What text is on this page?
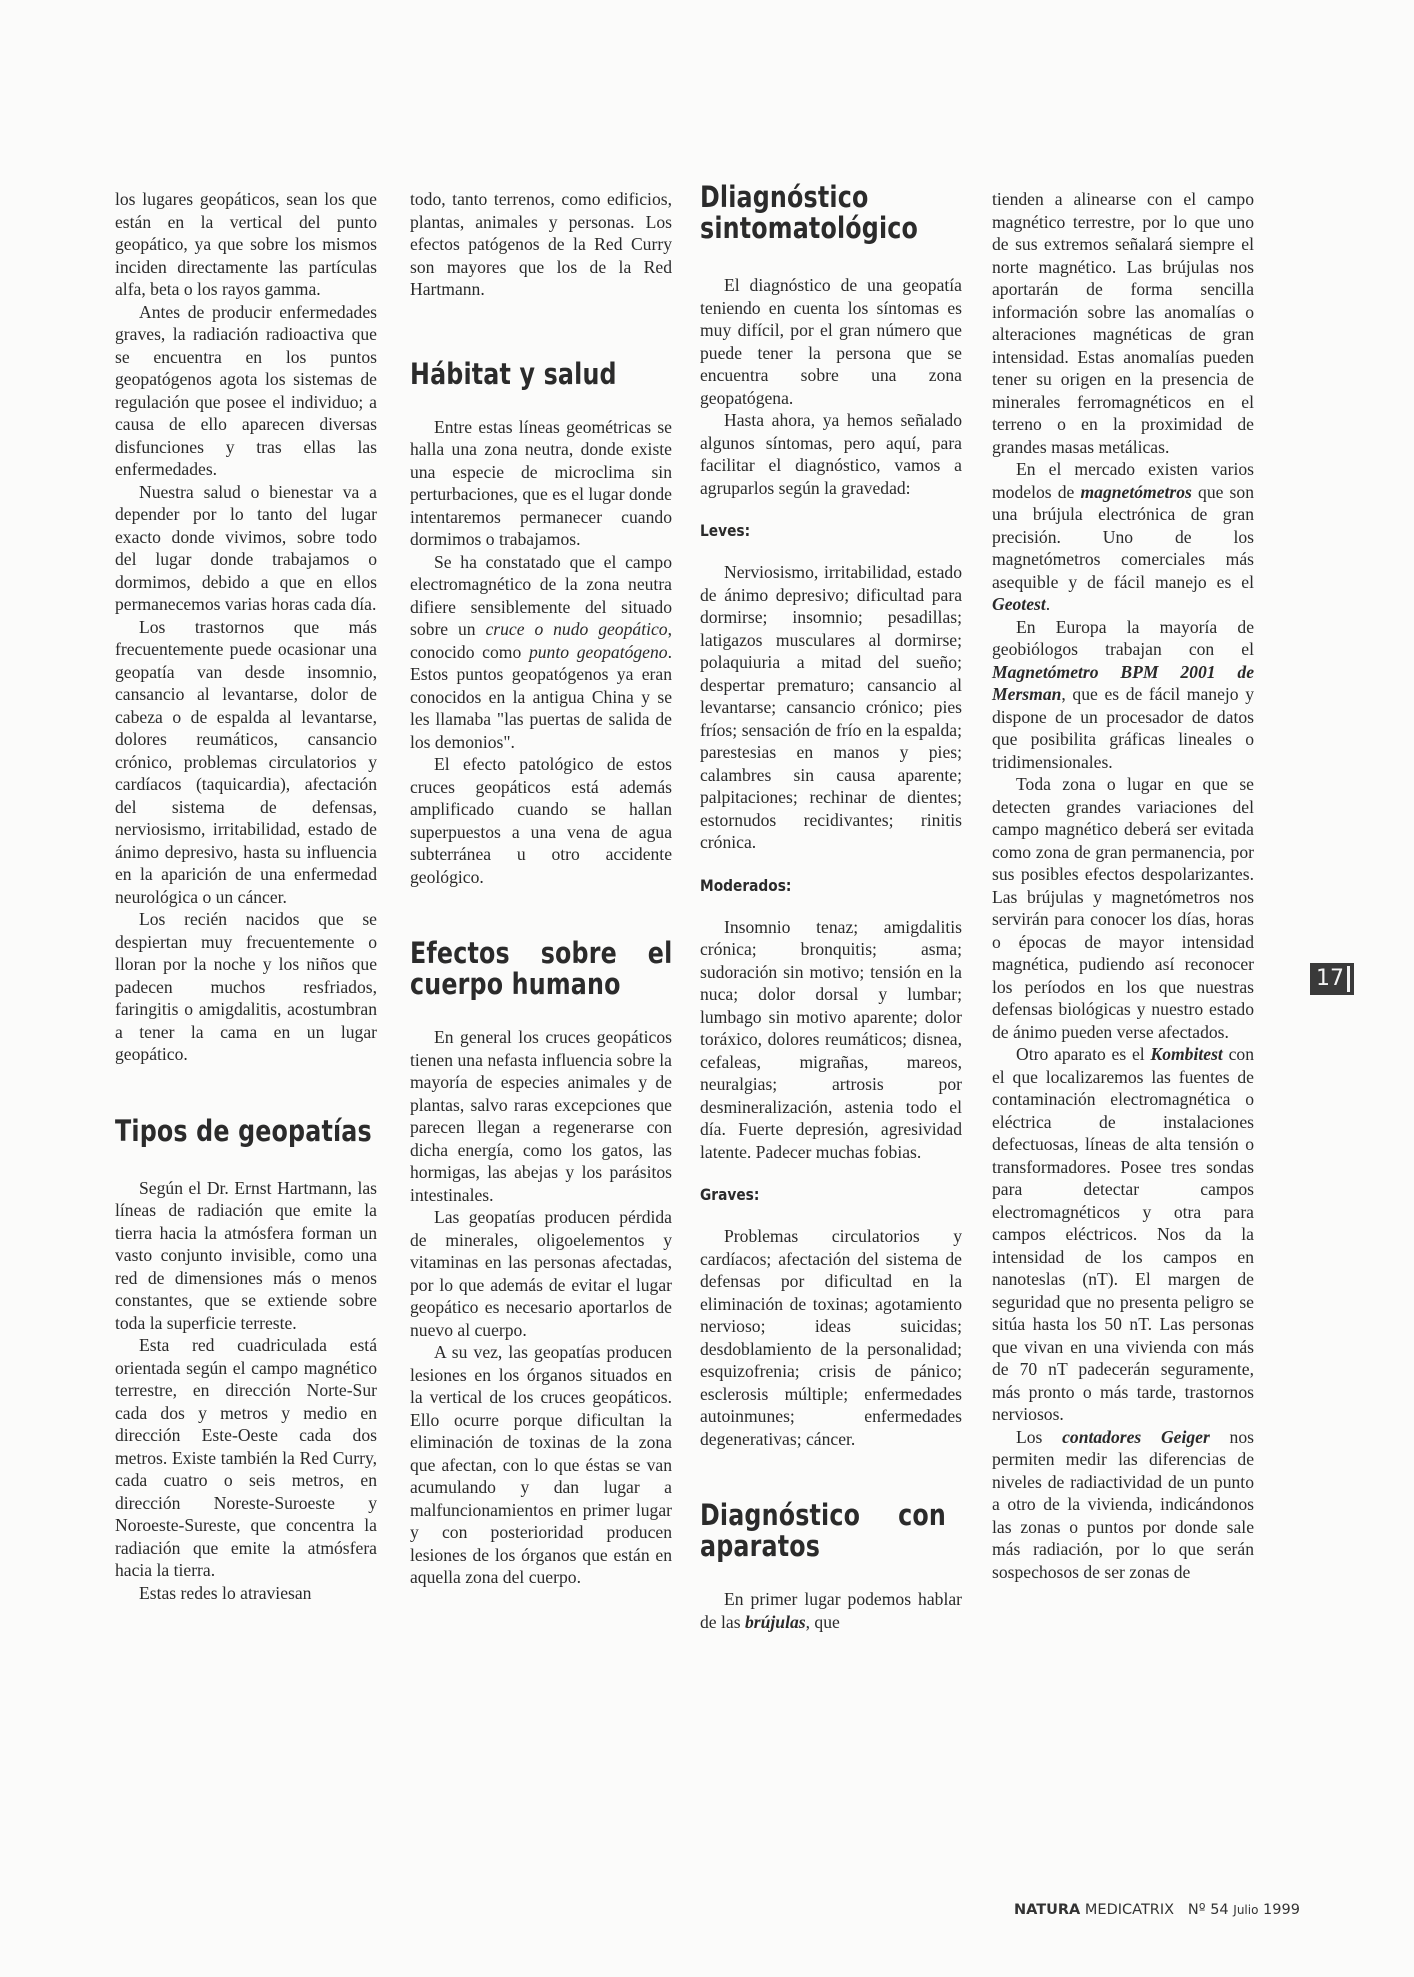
los lugares geopáticos, sean los que están en la vertical del punto geopático, ya que sobre los mismos inciden directamente las partículas alfa, beta o los rayos gamma.

Antes de producir enfermedades graves, la radiación radioactiva que se encuentra en los puntos geopatógenos agota los sistemas de regulación que posee el individuo; a causa de ello aparecen diversas disfunciones y tras ellas las enfermedades.

Nuestra salud o bienestar va a depender por lo tanto del lugar exacto donde vivimos, sobre todo del lugar donde trabajamos o dormimos, debido a que en ellos permanecemos varias horas cada día.

Los trastornos que más frecuentemente puede ocasionar una geopatía van desde insomnio, cansancio al levantarse, dolor de cabeza o de espalda al levantarse, dolores reumáticos, cansancio crónico, problemas circulatorios y cardíacos (taquicardia), afectación del sistema de defensas, nerviosismo, irritabilidad, estado de ánimo depresivo, hasta su influencia en la aparición de una enfermedad neurológica o un cáncer.

Los recién nacidos que se despiertan muy frecuentemente o lloran por la noche y los niños que padecen muchos resfriados, faringitis o amigdalitis, acostumbran a tener la cama en un lugar geopático.

Tipos de geopatías

Según el Dr. Ernst Hartmann, las líneas de radiación que emite la tierra hacia la atmósfera forman un vasto conjunto invisible, como una red de dimensiones más o menos constantes, que se extiende sobre toda la superficie terreste.

Esta red cuadriculada está orientada según el campo magnético terrestre, en dirección Norte-Sur cada dos y metros y medio en dirección Este-Oeste cada dos metros. Existe también la Red Curry, cada cuatro o seis metros, en dirección Noreste-Suroeste y Noroeste-Sureste, que concentra la radiación que emite la atmósfera hacia la tierra.

Estas redes lo atraviesan

todo, tanto terrenos, como edificios, plantas, animales y personas. Los efectos patógenos de la Red Curry son mayores que los de la Red Hartmann.

Hábitat y salud

Entre estas líneas geométricas se halla una zona neutra, donde existe una especie de microclima sin perturbaciones, que es el lugar donde intentaremos permanecer cuando dormimos o trabajamos.

Se ha constatado que el campo electromagnético de la zona neutra difiere sensiblemente del situado sobre un cruce o nudo geopático, conocido como punto geopatógeno. Estos puntos geopatógenos ya eran conocidos en la antigua China y se les llamaba "las puertas de salida de los demonios".

El efecto patológico de estos cruces geopáticos está además amplificado cuando se hallan superpuestos a una vena de agua subterránea u otro accidente geológico.

Efectos sobre el cuerpo humano

En general los cruces geopáticos tienen una nefasta influencia sobre la mayoría de especies animales y de plantas, salvo raras excepciones que parecen llegan a regenerarse con dicha energía, como los gatos, las hormigas, las abejas y los parásitos intestinales.

Las geopatías producen pérdida de minerales, oligoelementos y vitaminas en las personas afectadas, por lo que además de evitar el lugar geopático es necesario aportarlos de nuevo al cuerpo.

A su vez, las geopatías producen lesiones en los órganos situados en la vertical de los cruces geopáticos. Ello ocurre porque dificultan la eliminación de toxinas de la zona que afectan, con lo que éstas se van acumulando y dan lugar a malfuncionamientos en primer lugar y con posterioridad producen lesiones de los órganos que están en aquella zona del cuerpo.

Dliagnóstico sintomatológico

El diagnóstico de una geopatía teniendo en cuenta los síntomas es muy difícil, por el gran número que puede tener la persona que se encuentra sobre una zona geopatógena.

Hasta ahora, ya hemos señalado algunos síntomas, pero aquí, para facilitar el diagnóstico, vamos a agruparlos según la gravedad:

Leves:

Nerviosismo, irritabilidad, estado de ánimo depresivo; dificultad para dormirse; insomnio; pesadillas; latigazos musculares al dormirse; polaquiuria a mitad del sueño; despertar prematuro; cansancio al levantarse; cansancio crónico; pies fríos; sensación de frío en la espalda; parestesias en manos y pies; calambres sin causa aparente; palpitaciones; rechinar de dientes; estornudos recidivantes; rinitis crónica.

Moderados:

Insomnio tenaz; amigdalitis crónica; bronquitis; asma; sudoración sin motivo; tensión en la nuca; dolor dorsal y lumbar; lumbago sin motivo aparente; dolor toráxico, dolores reumáticos; disnea, cefaleas, migrañas, mareos, neuralgias; artrosis por desmineralización, astenia todo el día. Fuerte depresión, agresividad latente. Padecer muchas fobias.

Graves:

Problemas circulatorios y cardíacos; afectación del sistema de defensas por dificultad en la eliminación de toxinas; agotamiento nervioso; ideas suicidas; desdoblamiento de la personalidad; esquizofrenia; crisis de pánico; esclerosis múltiple; enfermedades autoinmunes; enfermedades degenerativas; cáncer.

Diagnóstico con aparatos

En primer lugar podemos hablar de las brújulas, que

tienden a alinearse con el campo magnético terrestre, por lo que uno de sus extremos señalará siempre el norte magnético. Las brújulas nos aportarán de forma sencilla información sobre las anomalías o alteraciones magnéticas de gran intensidad. Estas anomalías pueden tener su origen en la presencia de minerales ferromagnéticos en el terreno o en la proximidad de grandes masas metálicas.

En el mercado existen varios modelos de magnetómetros que son una brújula electrónica de gran precisión. Uno de los magnetómetros comerciales más asequible y de fácil manejo es el Geotest.

En Europa la mayoría de geobiólogos trabajan con el Magnetómetro BPM 2001 de Mersman, que es de fácil manejo y dispone de un procesador de datos que posibilita gráficas lineales o tridimensionales.

Toda zona o lugar en que se detecten grandes variaciones del campo magnético deberá ser evitada como zona de gran permanencia, por sus posibles efectos despolarizantes. Las brújulas y magnetómetros nos servirán para conocer los días, horas o épocas de mayor intensidad magnética, pudiendo así reconocer los períodos en los que nuestras defensas biológicas y nuestro estado de ánimo pueden verse afectados.

Otro aparato es el Kombitest con el que localizaremos las fuentes de contaminación electromagnética o eléctrica de instalaciones defectuosas, líneas de alta tensión o transformadores. Posee tres sondas para detectar campos electromagnéticos y otra para campos eléctricos. Nos da la intensidad de los campos en nanoteslas (nT). El margen de seguridad que no presenta peligro se sitúa hasta los 50 nT. Las personas que vivan en una vivienda con más de 70 nT padecerán seguramente, más pronto o más tarde, trastornos nerviosos.

Los contadores Geiger nos permiten medir las diferencias de niveles de radiactividad de un punto a otro de la vivienda, indicándonos las zonas o puntos por donde sale más radiación, por lo que serán sospechosos de ser zonas de

17
NATURA MEDICATRIX Nº 54 Julio 1999
